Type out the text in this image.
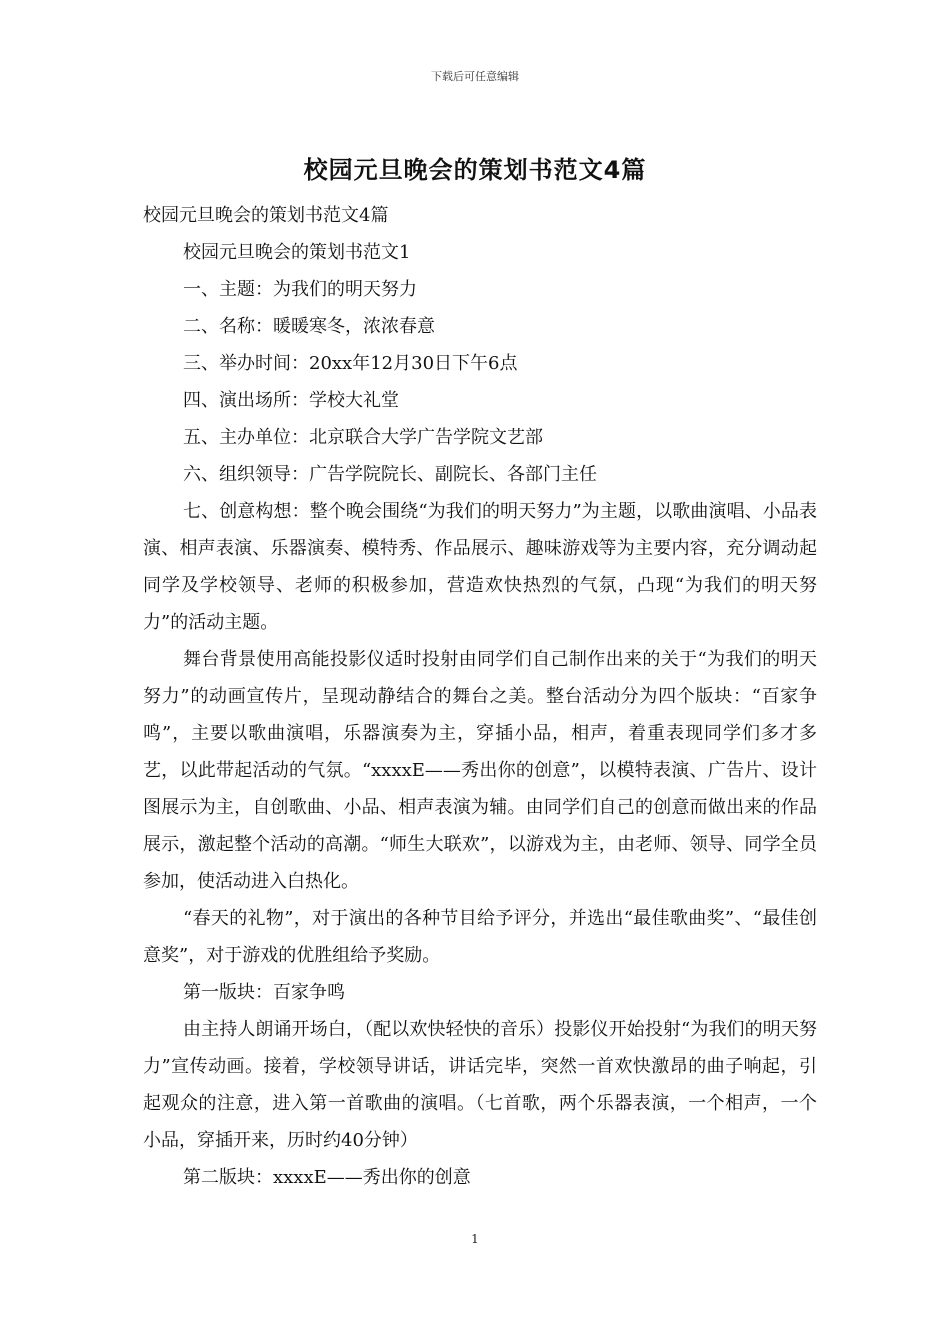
下载后可任意编辑
校园元旦晚会的策划书范文4篇

校园元旦晚会的策划书范文4篇

校园元旦晚会的策划书范文1

一、主题：为我们的明天努力

二、名称：暖暖寒冬，浓浓春意

三、举办时间：20xx年12月30日下午6点

四、演出场所：学校大礼堂

五、主办单位：北京联合大学广告学院文艺部

六、组织领导：广告学院院长、副院长、各部门主任

七、创意构想：整个晚会围绕“为我们的明天努力”为主题，以歌曲演唱、小品表演、相声表演、乐器演奏、模特秀、作品展示、趣味游戏等为主要内容，充分调动起同学及学校领导、老师的积极参加，营造欢快热烈的气氛，凸现“为我们的明天努力”的活动主题。

舞台背景使用高能投影仪适时投射由同学们自己制作出来的关于“为我们的明天努力”的动画宣传片，呈现动静结合的舞台之美。整台活动分为四个版块：“百家争鸣”，主要以歌曲演唱，乐器演奏为主，穿插小品，相声，着重表现同学们多才多艺，以此带起活动的气氛。“xxxxE——秀出你的创意”，以模特表演、广告片、设计图展示为主，自创歌曲、小品、相声表演为辅。由同学们自己的创意而做出来的作品展示，激起整个活动的高潮。“师生大联欢”，以游戏为主，由老师、领导、同学全员参加，使活动进入白热化。

“春天的礼物”，对于演出的各种节目给予评分，并选出“最佳歌曲奖”、“最佳创意奖”，对于游戏的优胜组给予奖励。

第一版块：百家争鸣

由主持人朗诵开场白，（配以欢快轻快的音乐）投影仪开始投射“为我们的明天努力”宣传动画。接着，学校领导讲话，讲话完毕，突然一首欢快激昂的曲子响起，引起观众的注意，进入第一首歌曲的演唱。（七首歌，两个乐器表演，一个相声，一个小品，穿插开来，历时约40分钟）

第二版块：xxxxE——秀出你的创意

1
